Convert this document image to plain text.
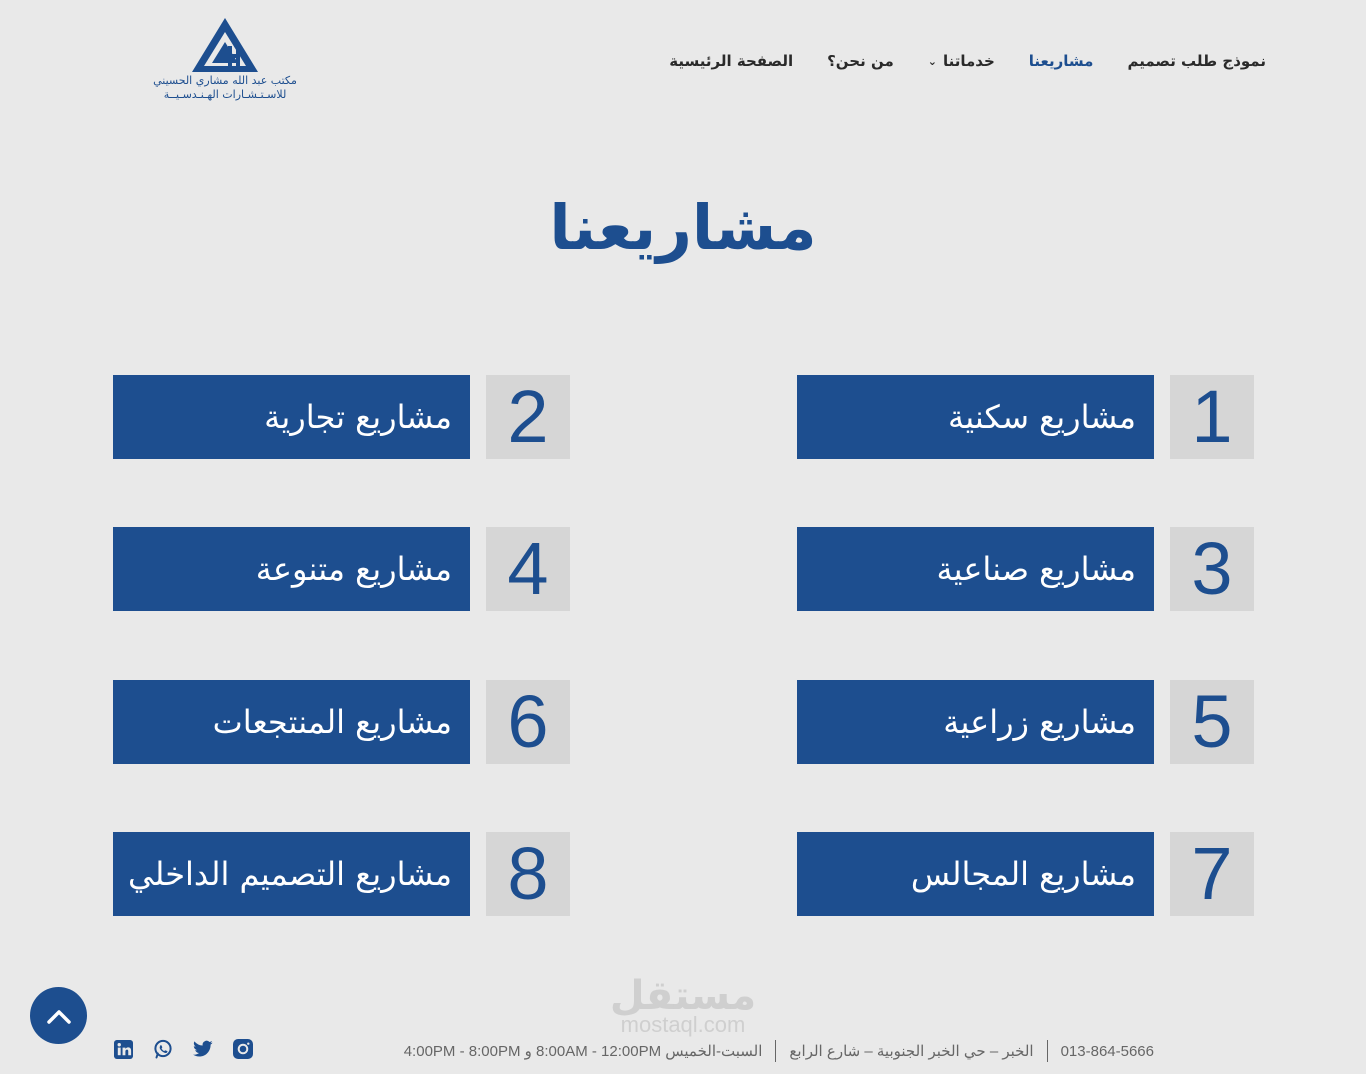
مكتب عبد الله مشاري الحسيني
للاسـتـشـارات الهـنـدسـيــة
الصفحة الرئيسية من نحن؟	خدماتنا
⌄	مشاريعنا نموذج طلب تصميم
مشاريعنا
1
مشاريع سكنية
2
مشاريع تجارية
3
مشاريع صناعية
4
مشاريع متنوعة
5
مشاريع زراعية
6
مشاريع المنتجعات
7
مشاريع المجالس
8
مشاريع التصميم الداخلي
مستقل
mostaql.com
013-864-5666
الخبر – حي الخبر الجنوبية – شارع الرابع
السبت-الخميس 8:00AM - 12:00PM و 4:00PM - 8:00PM
